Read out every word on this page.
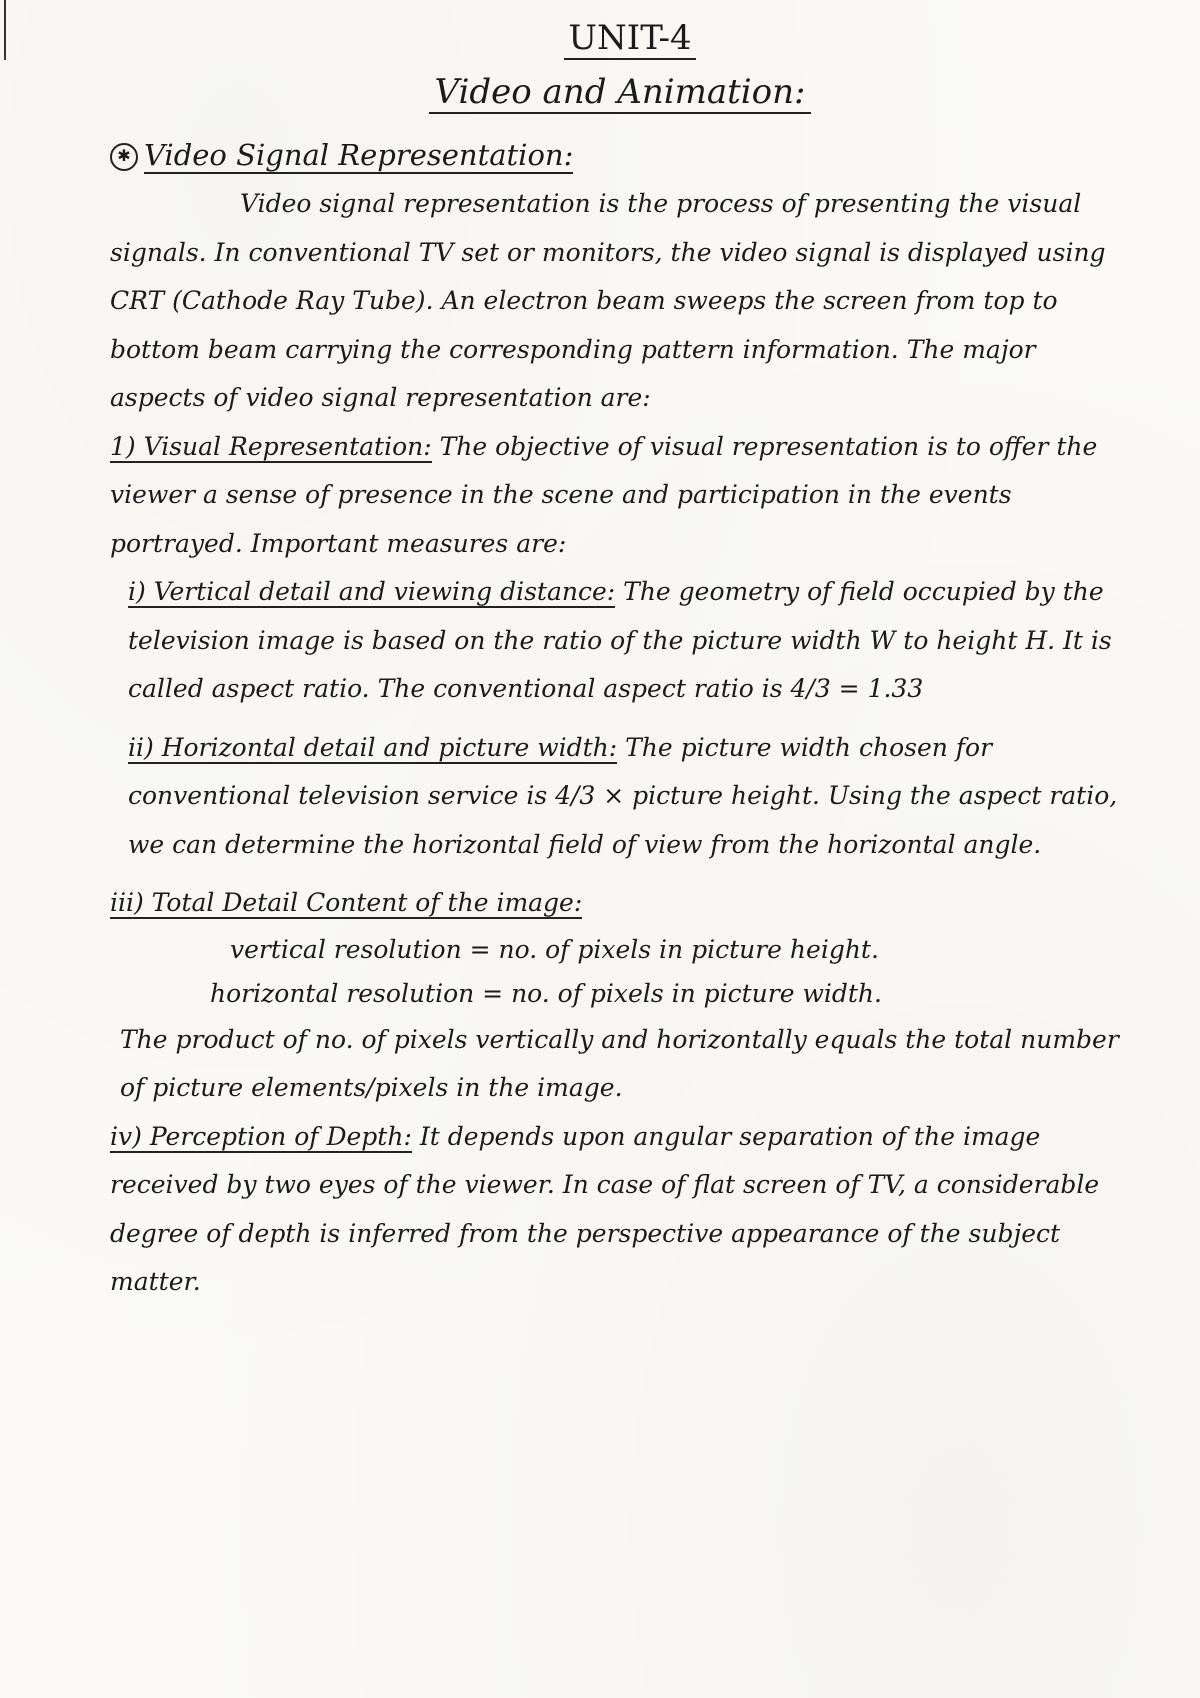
UNIT-4
Video and Animation:
✱ Video Signal Representation:

Video signal representation is the process of presenting the visual signals. In conventional TV set or monitors, the video signal is displayed using CRT (Cathode Ray Tube). An electron beam sweeps the screen from top to bottom beam carrying the corresponding pattern information. The major aspects of video signal representation are:

1) Visual Representation: The objective of visual representation is to offer the viewer a sense of presence in the scene and participation in the events portrayed. Important measures are:

i) Vertical detail and viewing distance: The geometry of field occupied by the television image is based on the ratio of the picture width W to height H. It is called aspect ratio. The conventional aspect ratio is 4/3 = 1.33

ii) Horizontal detail and picture width: The picture width chosen for conventional television service is 4/3 × picture height. Using the aspect ratio, we can determine the horizontal field of view from the horizontal angle.

iii) Total Detail Content of the image:

vertical resolution = no. of pixels in picture height.
horizontal resolution = no. of pixels in picture width.

The product of no. of pixels vertically and horizontally equals the total number of picture elements/pixels in the image.

iv) Perception of Depth: It depends upon angular separation of the image received by two eyes of the viewer. In case of flat screen of TV, a considerable degree of depth is inferred from the perspective appearance of the subject matter.
